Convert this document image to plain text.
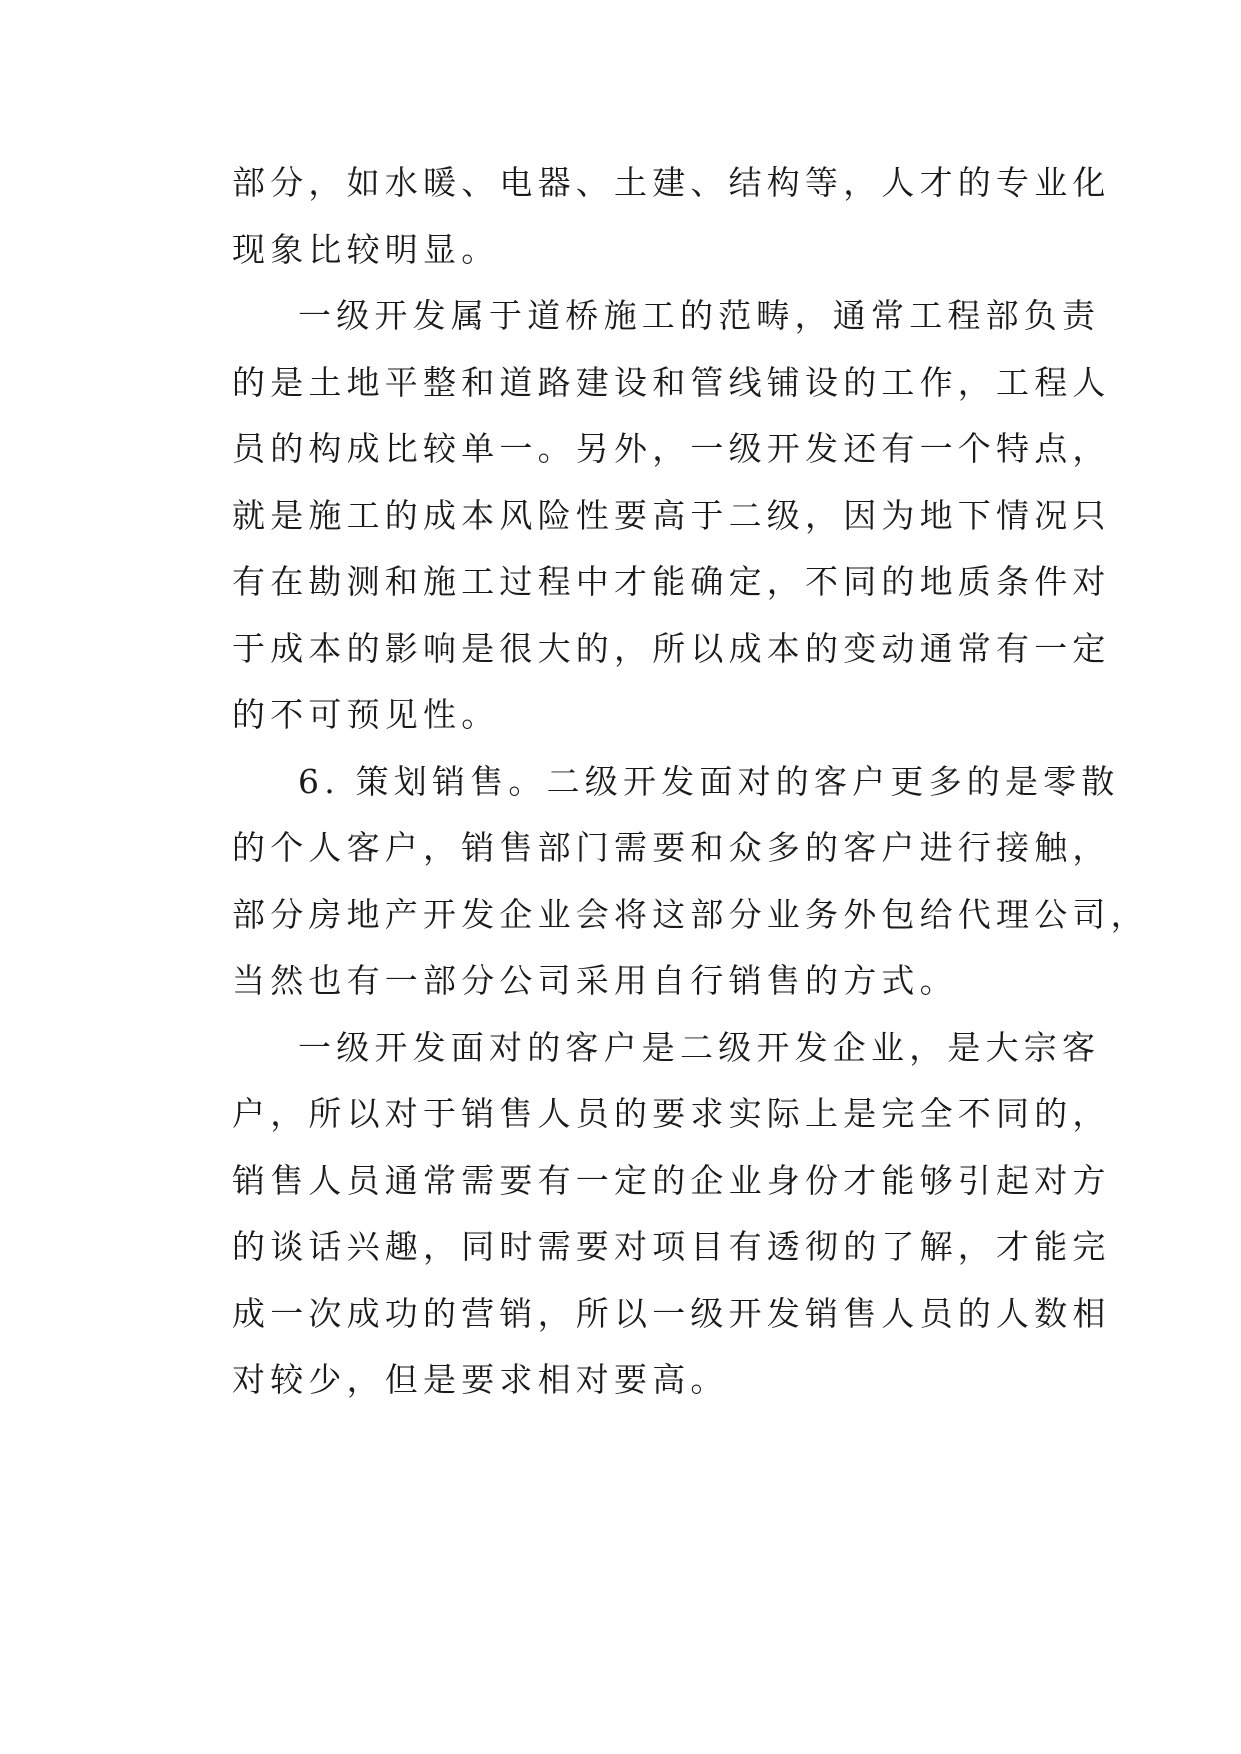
部分，如水暖、电器、土建、结构等，人才的专业化
现象比较明显。
一级开发属于道桥施工的范畴，通常工程部负责
的是土地平整和道路建设和管线铺设的工作，工程人
员的构成比较单一。另外，一级开发还有一个特点，
就是施工的成本风险性要高于二级，因为地下情况只
有在勘测和施工过程中才能确定，不同的地质条件对
于成本的影响是很大的，所以成本的变动通常有一定
的不可预见性。
6. 策划销售。二级开发面对的客户更多的是零散
的个人客户，销售部门需要和众多的客户进行接触，
部分房地产开发企业会将这部分业务外包给代理公司，
当然也有一部分公司采用自行销售的方式。
一级开发面对的客户是二级开发企业，是大宗客
户，所以对于销售人员的要求实际上是完全不同的，
销售人员通常需要有一定的企业身份才能够引起对方
的谈话兴趣，同时需要对项目有透彻的了解，才能完
成一次成功的营销，所以一级开发销售人员的人数相
对较少，但是要求相对要高。
